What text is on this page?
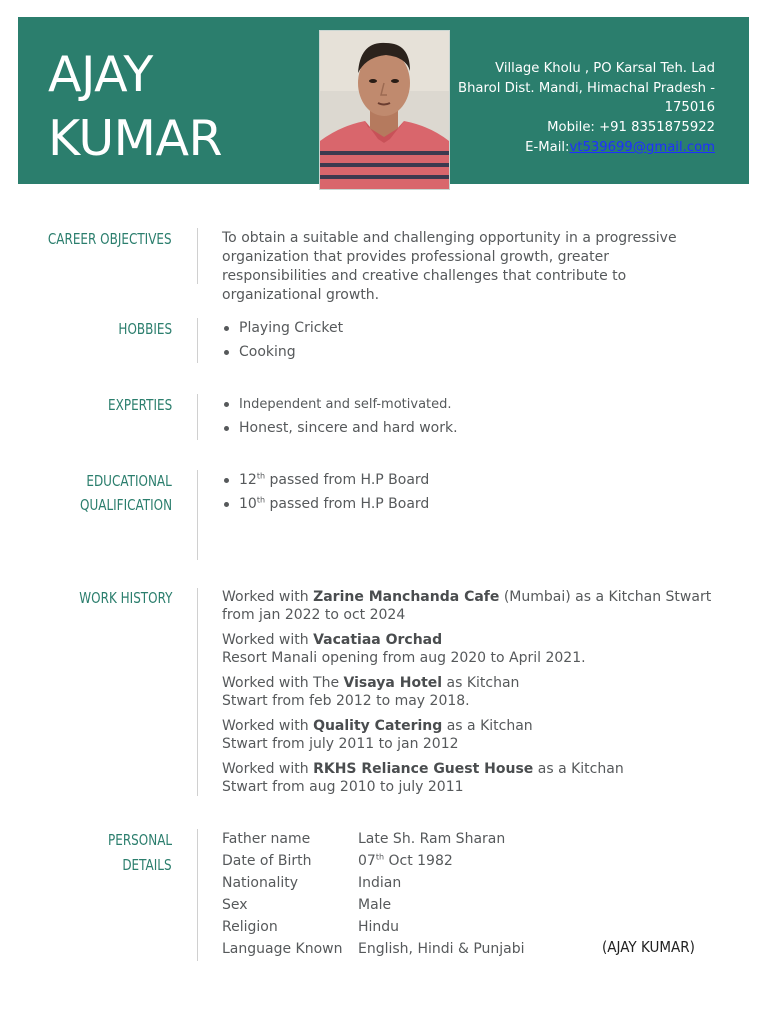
AJAY
KUMAR
Village Kholu , PO Karsal Teh. Lad
Bharol Dist. Mandi, Himachal Pradesh -
175016
Mobile: +91 8351875922
E-Mail:vt539699@gmail.com
CAREER OBJECTIVES	To obtain a suitable and challenging opportunity in a progressive organization that provides professional growth, greater responsibilities and creative challenges that contribute to organizational growth.
HOBBIES	Playing Cricket
Cooking
EXPERTIES	Independent and self-motivated.
Honest, sincere and hard work.
EDUCATIONAL
QUALIFICATION
12th passed from H.P Board
10th passed from H.P Board
WORK HISTORY	Worked with Zarine Manchanda Cafe (Mumbai) as a Kitchan Stwart
from jan 2022 to oct 2024
Worked with Vacatiaa Orchad
Resort Manali opening from aug 2020 to April 2021.
Worked with The Visaya Hotel as Kitchan
Stwart from feb 2012 to may 2018.
Worked with Quality Catering as a Kitchan
Stwart from july 2011 to jan 2012
Worked with RKHS Reliance Guest House as a Kitchan
Stwart from aug 2010 to july 2011
PERSONAL
DETAILS
Father name	Late Sh. Ram Sharan
Date of Birth	07th Oct 1982
Nationality	Indian
Sex	Male
Religion	Hindu
Language Known	English, Hindi & Punjabi	(AJAY KUMAR)
